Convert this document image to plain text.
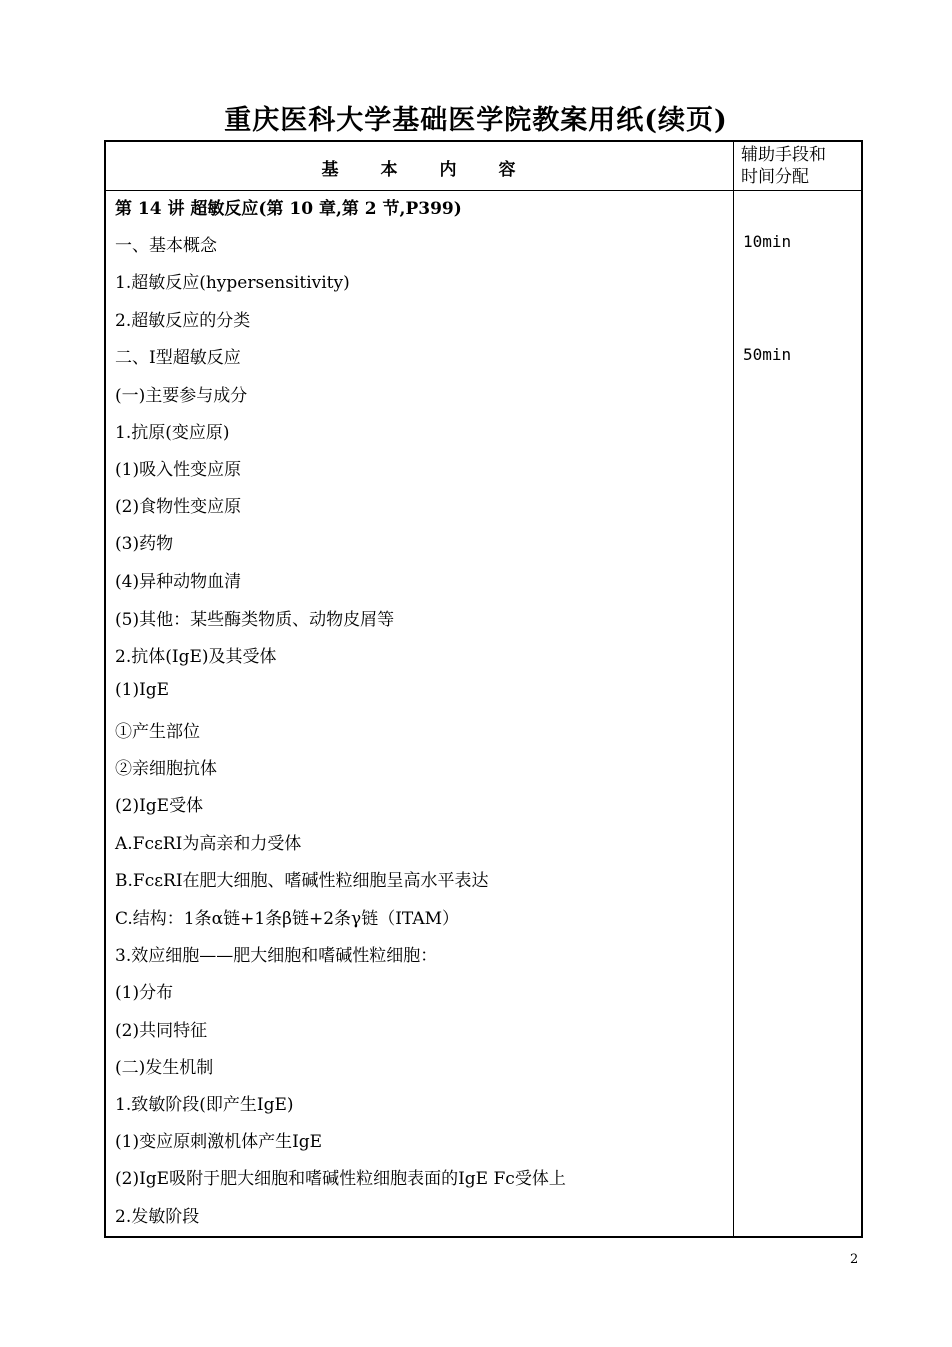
重庆医科大学基础医学院教案用纸(续页)
基 本 内 容
辅助手段和
时间分配
第 14 讲 超敏反应(第 10 章,第 2 节,P399)
一、基本概念
1.超敏反应(hypersensitivity)
2.超敏反应的分类
二、Ⅰ型超敏反应
(一)主要参与成分
1.抗原(变应原)
(1)吸入性变应原
(2)食物性变应原
(3)药物
(4)异种动物血清
(5)其他：某些酶类物质、动物皮屑等
2.抗体(IgE)及其受体
(1)IgE
①产生部位
②亲细胞抗体
(2)IgE受体
A.FcεRI为高亲和力受体
B.FcεRI在肥大细胞、嗜碱性粒细胞呈高水平表达
C.结构：1条α链+1条β链+2条γ链（ITAM）
3.效应细胞——肥大细胞和嗜碱性粒细胞：
(1)分布
(2)共同特征
(二)发生机制
1.致敏阶段(即产生IgE)
(1)变应原刺激机体产生IgE
(2)IgE吸附于肥大细胞和嗜碱性粒细胞表面的IgE Fc受体上
2.发敏阶段
10min
50min
2
